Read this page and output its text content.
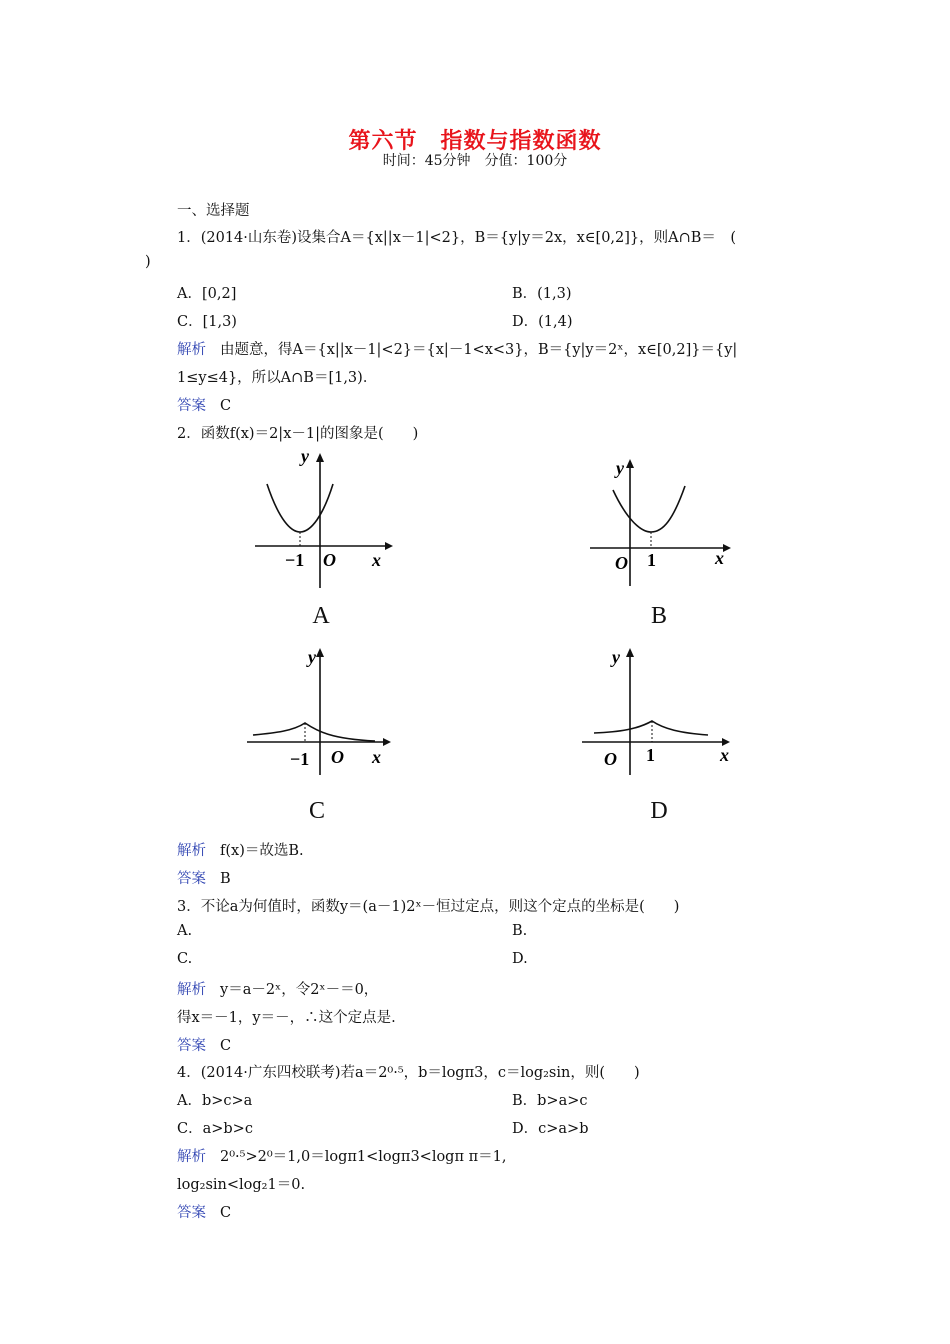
第六节　指数与指数函数
时间：45分钟　分值：100分
一、选择题
1．(2014·山东卷)设集合A＝{x||x－1|<2}，B＝{y|y＝2x，x∈[0,2]}，则A∩B＝　(
)
A．[0,2]	B．(1,3)
C．[1,3)	D．(1,4)
解析 由题意，得A＝{x||x－1|<2}＝{x|－1<x<3}，B＝{y|y＝2ˣ，x∈[0,2]}＝{y|
1≤y≤4}，所以A∩B＝[1,3)．
答案 C
2．函数f(x)＝2|x－1|的图象是(　　)
y
x
O
−1
A
y
x
O 1
B
y
x
O
−1
C
y
x
O 1
D
解析 f(x)＝故选B.
答案 B
3．不论a为何值时，函数y＝(a－1)2ˣ－恒过定点，则这个定点的坐标是(　　)
A.	B.
C.	D.
解析 y＝a－2ˣ，令2ˣ－＝0，
得x＝－1，y＝－，∴这个定点是.
答案 C
4．(2014·广东四校联考)若a＝2⁰·⁵，b＝logπ3，c＝log₂sin，则(　　)
A．b>c>a	B．b>a>c
C．a>b>c	D．c>a>b
解析 2⁰·⁵>2⁰＝1,0＝logπ1<logπ3<logπ π＝1,
log₂sin<log₂1＝0.
答案 C
